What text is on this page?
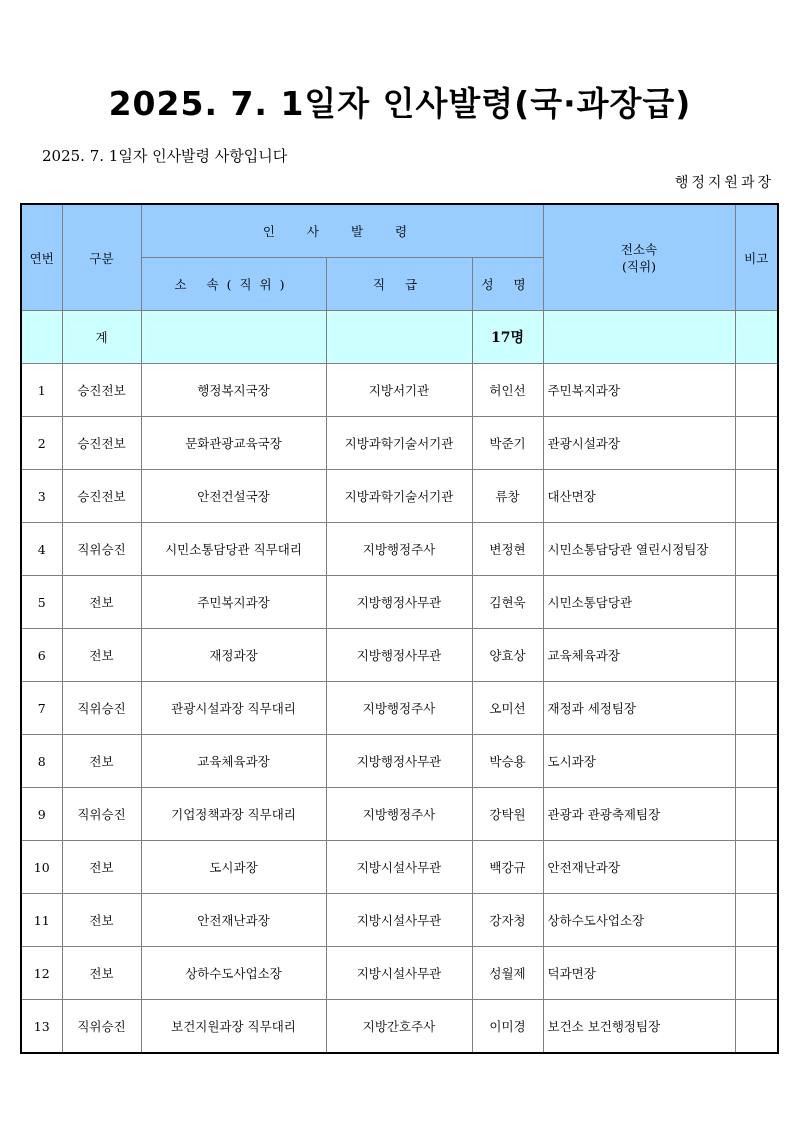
2025. 7. 1일자 인사발령(국·과장급)
2025. 7. 1일자 인사발령 사항입니다
행정지원과장
연번	구분	인 사 발 령			전소속
(직위)	비고
		소 속(직위)	직 급	성 명		
	계			17명		
1	승진전보	행정복지국장	지방서기관	허인선	주민복지과장	
2	승진전보	문화관광교육국장	지방과학기술서기관	박준기	관광시설과장	
3	승진전보	안전건설국장	지방과학기술서기관	류창	대산면장	
4	직위승진	시민소통담당관 직무대리	지방행정주사	변정현	시민소통담당관 열린시정팀장	
5	전보	주민복지과장	지방행정사무관	김현욱	시민소통담당관	
6	전보	재정과장	지방행정사무관	양효상	교육체육과장	
7	직위승진	관광시설과장 직무대리	지방행정주사	오미선	재정과 세정팀장	
8	전보	교육체육과장	지방행정사무관	박승용	도시과장	
9	직위승진	기업정책과장 직무대리	지방행정주사	강탁원	관광과 관광축제팀장	
10	전보	도시과장	지방시설사무관	백강규	안전재난과장	
11	전보	안전재난과장	지방시설사무관	강자청	상하수도사업소장	
12	전보	상하수도사업소장	지방시설사무관	성월제	덕과면장	
13	직위승진	보건지원과장 직무대리	지방간호주사	이미경	보건소 보건행정팀장	
